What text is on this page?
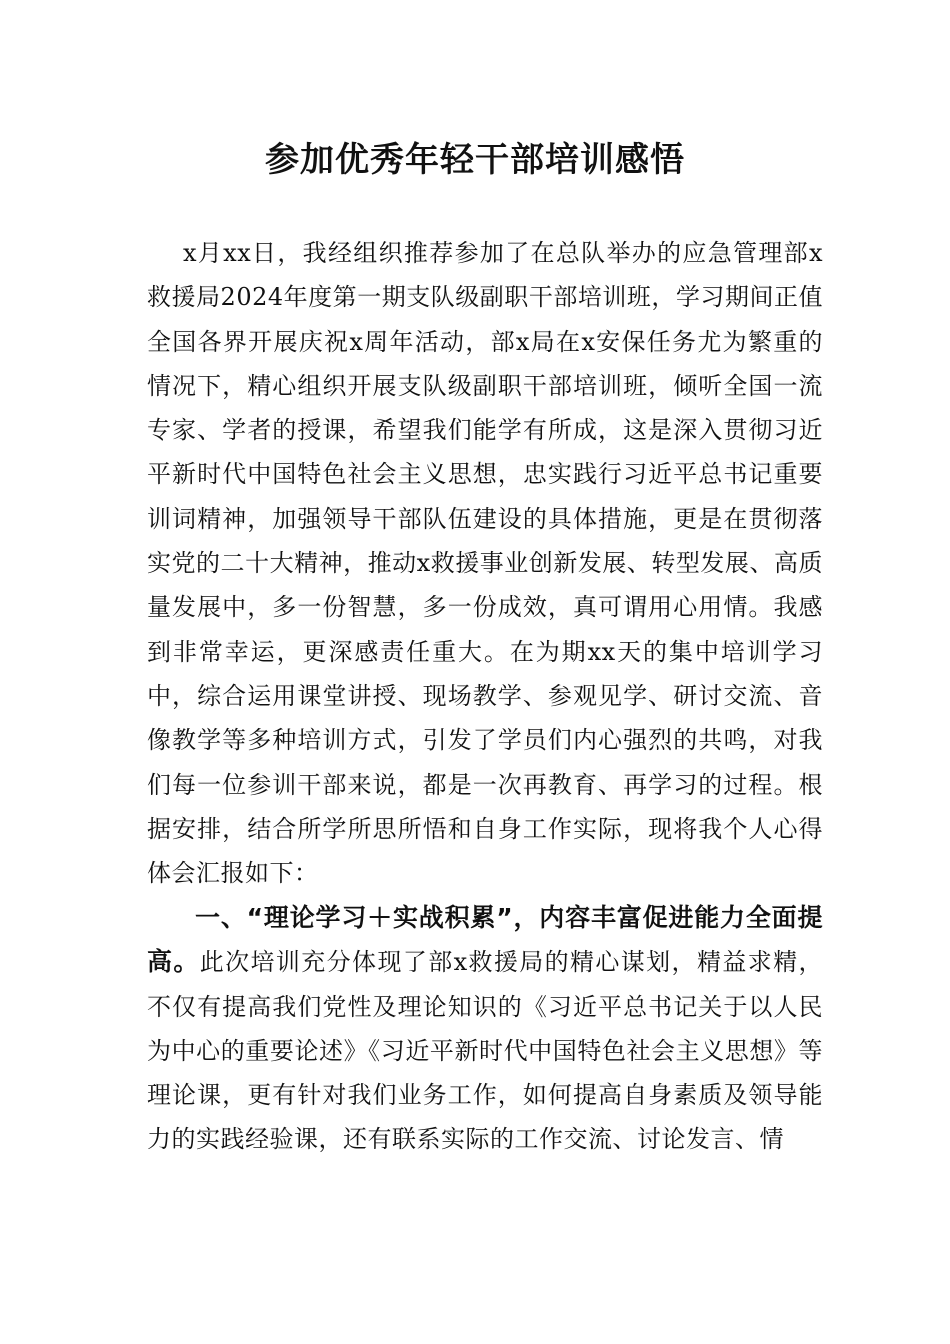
参加优秀年轻干部培训感悟
x月xx日，我经组织推荐参加了在总队举办的应急管理部x救援局2024年度第一期支队级副职干部培训班，学习期间正值全国各界开展庆祝x周年活动，部x局在x安保任务尤为繁重的情况下，精心组织开展支队级副职干部培训班，倾听全国一流专家、学者的授课，希望我们能学有所成，这是深入贯彻习近平新时代中国特色社会主义思想，忠实践行习近平总书记重要训词精神，加强领导干部队伍建设的具体措施，更是在贯彻落实党的二十大精神，推动x救援事业创新发展、转型发展、高质量发展中，多一份智慧，多一份成效，真可谓用心用情。我感到非常幸运，更深感责任重大。在为期xx天的集中培训学习中，综合运用课堂讲授、现场教学、参观见学、研讨交流、音像教学等多种培训方式，引发了学员们内心强烈的共鸣，对我们每一位参训干部来说，都是一次再教育、再学习的过程。根据安排，结合所学所思所悟和自身工作实际，现将我个人心得体会汇报如下：
一、“理论学习＋实战积累”，内容丰富促进能力全面提高。此次培训充分体现了部x救援局的精心谋划，精益求精，不仅有提高我们党性及理论知识的《习近平总书记关于以人民为中心的重要论述》《习近平新时代中国特色社会主义思想》等理论课，更有针对我们业务工作，如何提高自身素质及领导能力的实践经验课，还有联系实际的工作交流、讨论发言、情
